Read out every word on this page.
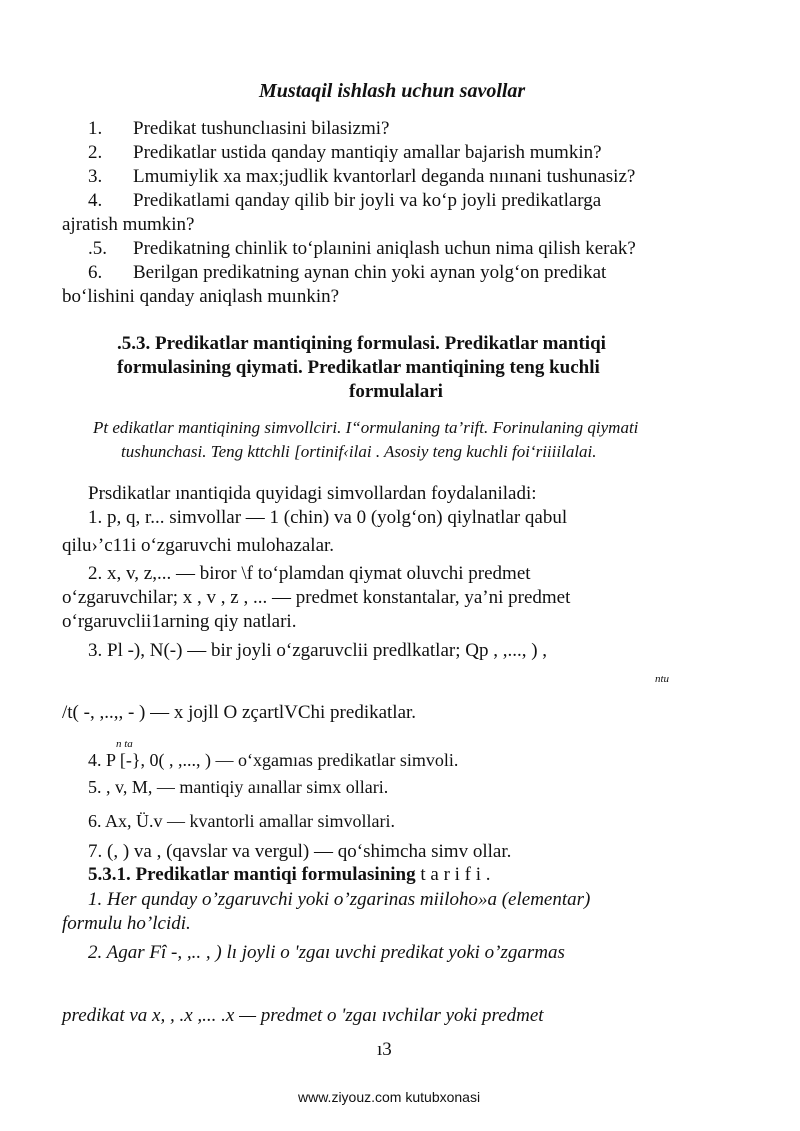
Mustaqil ishlash uchun savollar
1. Predikat tushunclıasini bilasizmi?
2. Predikatlar ustida qanday mantiqiy amallar bajarish mumkin?
3. Lmumiylik xa max;judlik kvantorlarl deganda nıınani tushunasiz?
4. Predikatlami qanday qilib bir joyli va ko‘p joyli predikatlarga
ajratish mumkin?
.5. Predikatning chinlik to‘plaınini aniqlash uchun nima qilish kerak?
6. Berilgan predikatning aynan chin yoki aynan yolg‘on predikat
bo‘lishini qanday aniqlash muınkin?
.5.3. Predikatlar mantiqining formulasi. Predikatlar mantiqi
formulasining qiymati. Predikatlar mantiqining teng kuchli
formulalari
Pt edikatlar mantiqining simvollciri. I“ormulaning ta’rift. Forinulaning qiymati
tushunchasi. Teng kttchli [ortinif‹ilai . Asosiy teng kuchli foi‘riiiilalai.
Prsdikatlar ınantiqida quyidagi simvollardan foydalaniladi:
1. p, q, r... simvollar — 1 (chin) va 0 (yolg‘on) qiylnatlar qabul
qilu›’c11i o‘zgaruvchi mulohazalar.
2. x, v, z,... — biror \f to‘plamdan qiymat oluvchi predmet
o‘zgaruvchilar; x , v , z , ... — predmet konstantalar, ya’ni predmet
o‘rgaruvclii1arning qiy natlari.
3. Pl -), N(-) — bir joyli o‘zgaruvclii predlkatlar; Qp , ,..., ) ,
ntu
/t( -, ,..,, - ) — x jojll O zçartlVChi predikatlar.
n ta
4. P [-}, 0( , ,..., ) — o‘xgamıas predikatlar simvoli.
5. , v, M, — mantiqiy aınallar simx ollari.
6. Ax, Ü.v — kvantorli amallar simvollari.
7. (, ) va , (qavslar va vergul) — qo‘shimcha simv ollar.
5.3.1. Predikatlar mantiqi formulasining t a r i f i .
1. Her qunday o’zgaruvchi yoki o’zgarinas miiloho»a (elementar)
formulu ho’lcidi.
2. Agar Fî -, ,.. , ) lı joyli o 'zgaı uvchi predikat yoki o’zgarmas
predikat va x, , .x ,... .x — predmet o 'zgaı ıvchilar yoki predmet
ı3
www.ziyouz.com kutubxonasi
